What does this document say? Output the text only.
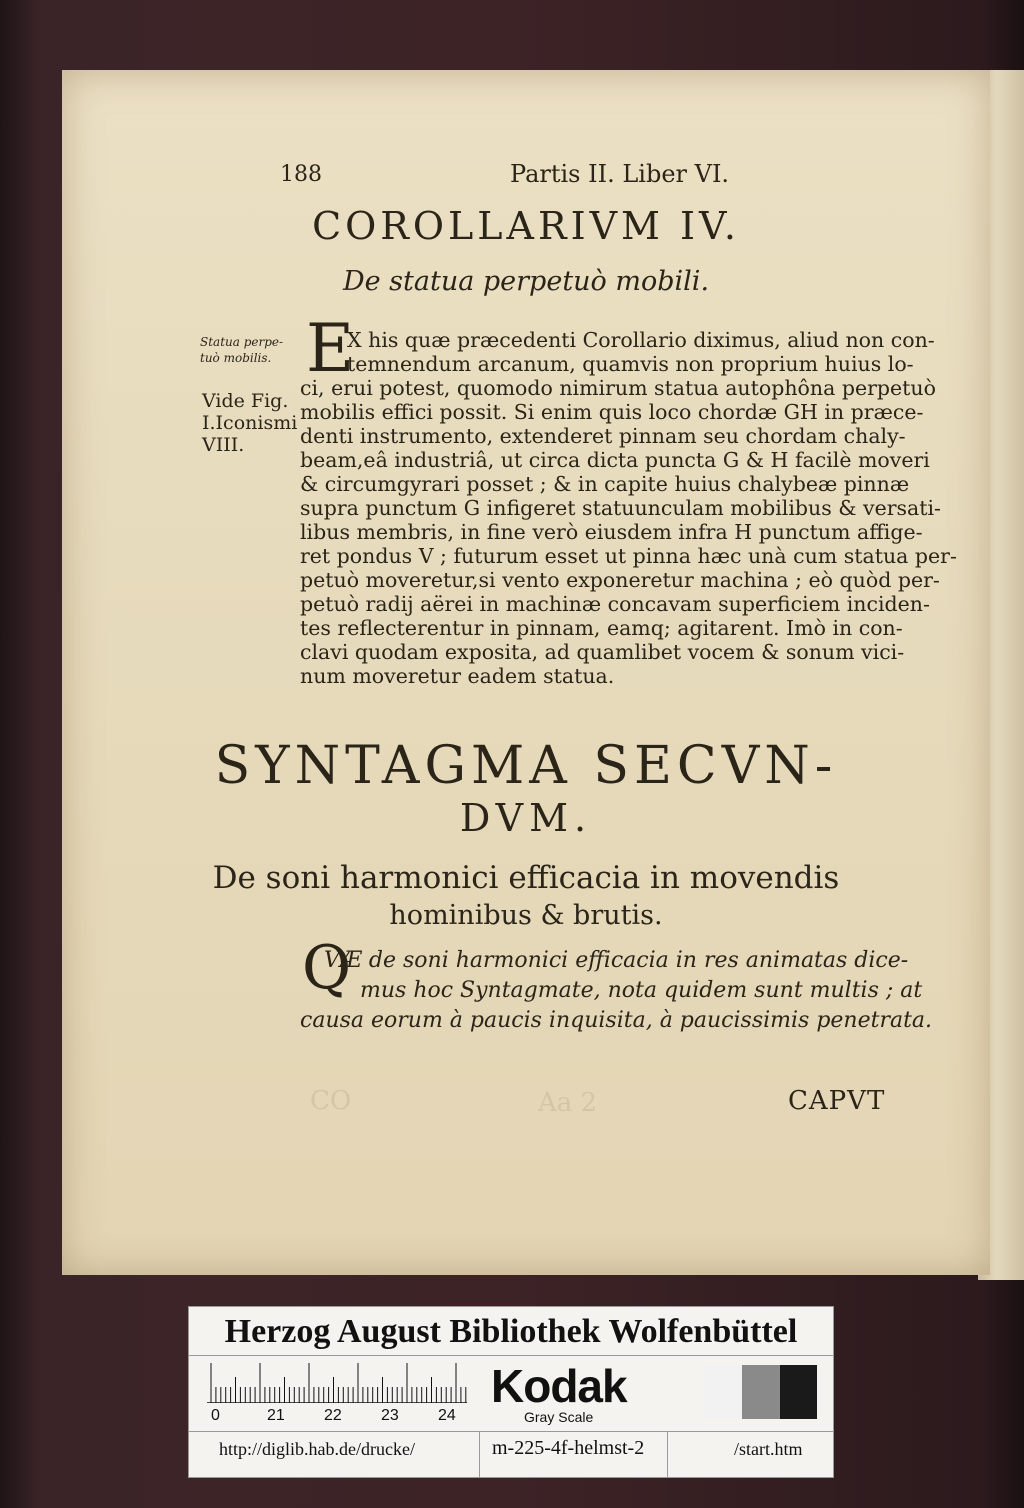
188	Partis II. Liber VI.
COROLLARIVM IV.
De statua perpetuò mobili.
Statua perpe-
tuò mobilis.
Vide Fig.
I.Iconismi
VIII.
E
X his quæ præcedenti Corollario diximus, aliud non con-
temnendum arcanum, quamvis non proprium huius lo-
ci, erui potest, quomodo nimirum statua autophôna perpetuò
mobilis effici possit. Si enim quis loco chordæ GH in præce-
denti instrumento, extenderet pinnam seu chordam chaly-
beam,eâ industriâ, ut circa dicta puncta G & H facilè moveri
& circumgyrari posset ; & in capite huius chalybeæ pinnæ
supra punctum G infigeret statuunculam mobilibus & versati-
libus membris, in fine verò eiusdem infra H punctum affige-
ret pondus V ; futurum esset ut pinna hæc unà cum statua per-
petuò moveretur,si vento exponeretur machina ; eò quòd per-
petuò radij aërei in machinæ concavam superficiem inciden-
tes reflecterentur in pinnam, eamq; agitarent. Imò in con-
clavi quodam exposita, ad quamlibet vocem & sonum vici-
num moveretur eadem statua.
SYNTAGMA SECVN-
DVM.
De soni harmonici efficacia in movendis
hominibus & brutis.
Q
VÆ de soni harmonici efficacia in res animatas dice-
mus hoc Syntagmate, nota quidem sunt multis ; at
causa eorum à paucis inquisita, à paucissimis penetrata.
CO	Aa 2	CAPVT
Herzog August Bibliothek Wolfenbüttel
0	21 22 23 24
Kodak
Gray Scale
http://diglib.hab.de/drucke/	m-225-4f-helmst-2	/start.htm
